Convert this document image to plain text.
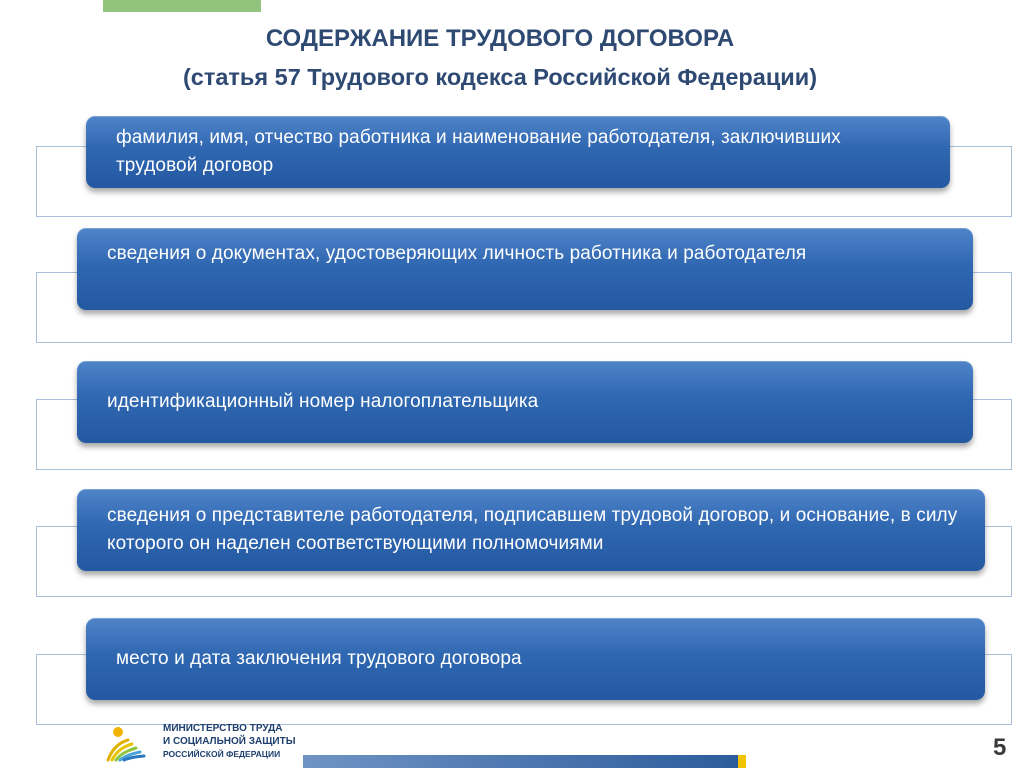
СОДЕРЖАНИЕ ТРУДОВОГО ДОГОВОРА
(статья 57 Трудового кодекса Российской Федерации)
фамилия, имя, отчество работника и наименование работодателя, заключивших трудовой договор
сведения о документах, удостоверяющих личность работника и работодателя
идентификационный номер налогоплательщика
сведения о представителе работодателя, подписавшем трудовой договор, и основание, в силу которого он наделен соответствующими полномочиями
место и дата заключения трудового договора
МИНИСТЕРСТВО ТРУДА
И СОЦИАЛЬНОЙ ЗАЩИТЫ
РОССИЙСКОЙ ФЕДЕРАЦИИ	5
